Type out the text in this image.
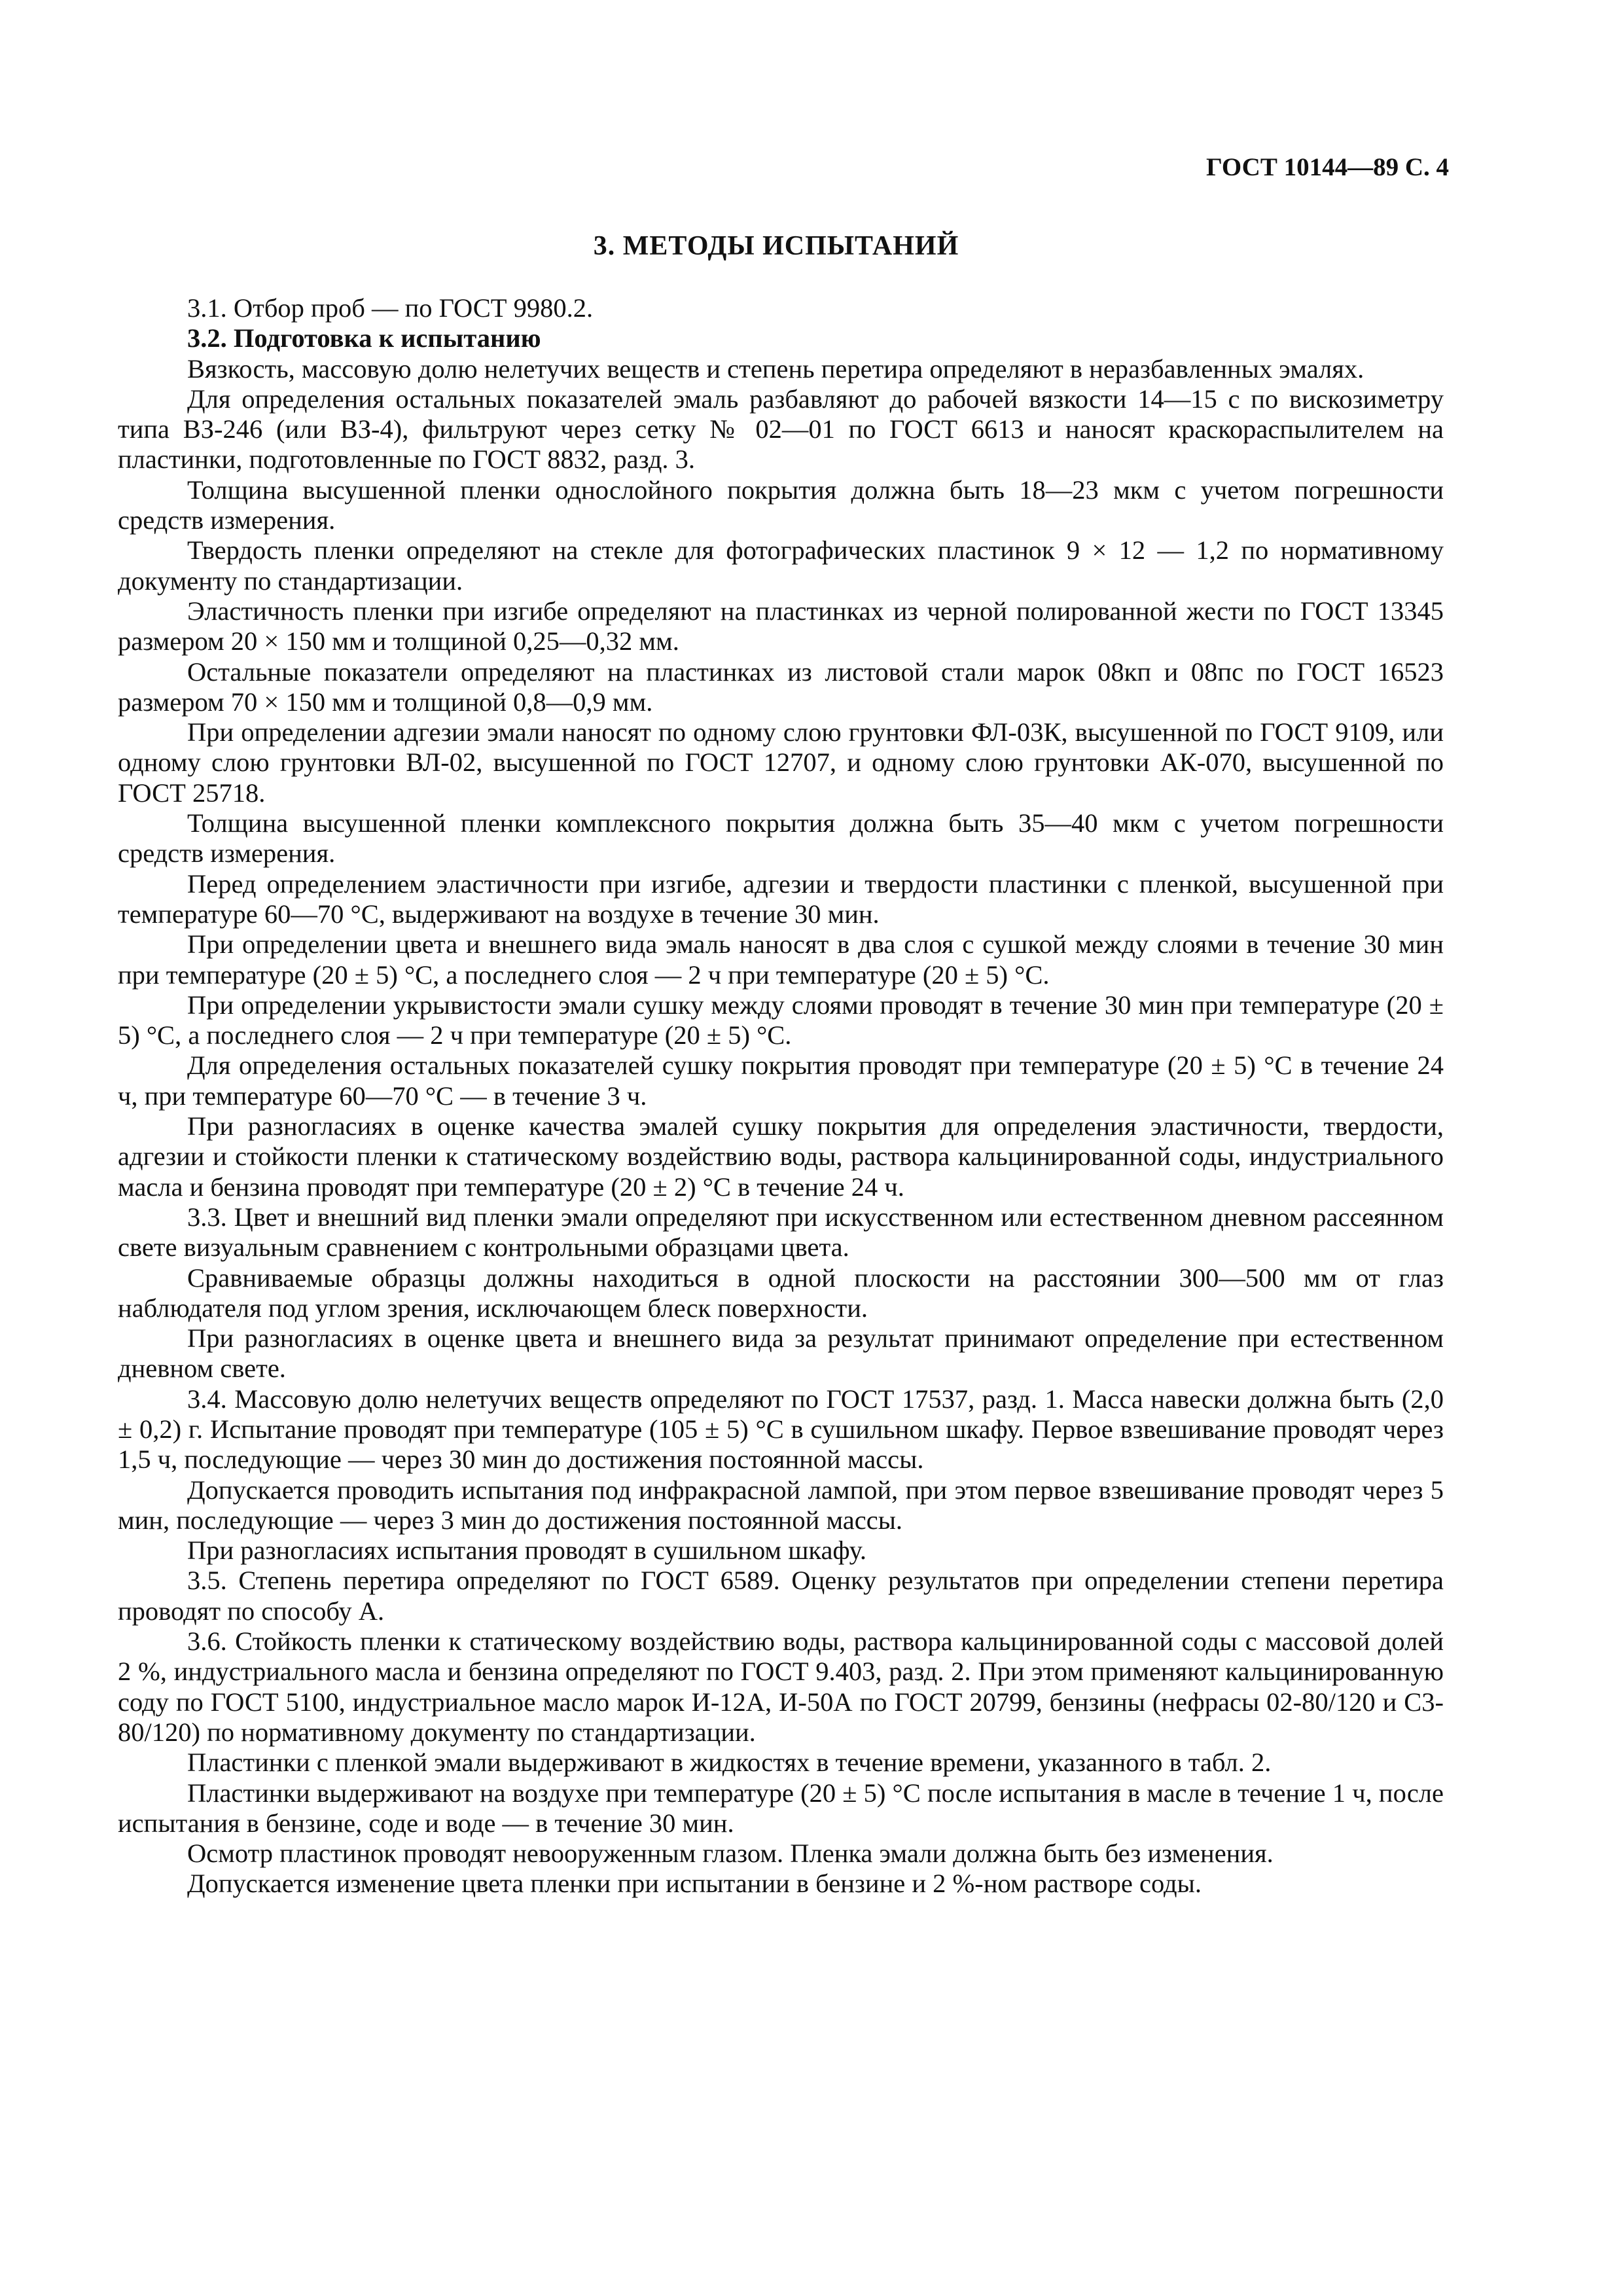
ГОСТ 10144—89 С. 4
3. МЕТОДЫ ИСПЫТАНИЙ

3.1. Отбор проб — по ГОСТ 9980.2.

3.2. Подготовка к испытанию

Вязкость, массовую долю нелетучих веществ и степень перетира определяют в неразбавленных эмалях.

Для определения остальных показателей эмаль разбавляют до рабочей вязкости 14—15 с по вискозиметру типа ВЗ-246 (или ВЗ-4), фильтруют через сетку № 02—01 по ГОСТ 6613 и наносят краскораспылителем на пластинки, подготовленные по ГОСТ 8832, разд. 3.

Толщина высушенной пленки однослойного покрытия должна быть 18—23 мкм с учетом погрешности средств измерения.

Твердость пленки определяют на стекле для фотографических пластинок 9 × 12 — 1,2 по нормативному документу по стандартизации.

Эластичность пленки при изгибе определяют на пластинках из черной полированной жести по ГОСТ 13345 размером 20 × 150 мм и толщиной 0,25—0,32 мм.

Остальные показатели определяют на пластинках из листовой стали марок 08кп и 08пс по ГОСТ 16523 размером 70 × 150 мм и толщиной 0,8—0,9 мм.

При определении адгезии эмали наносят по одному слою грунтовки ФЛ-03К, высушенной по ГОСТ 9109, или одному слою грунтовки ВЛ-02, высушенной по ГОСТ 12707, и одному слою грунтовки АК-070, высушенной по ГОСТ 25718.

Толщина высушенной пленки комплексного покрытия должна быть 35—40 мкм с учетом погрешности средств измерения.

Перед определением эластичности при изгибе, адгезии и твердости пластинки с пленкой, высушенной при температуре 60—70 °С, выдерживают на воздухе в течение 30 мин.

При определении цвета и внешнего вида эмаль наносят в два слоя с сушкой между слоями в течение 30 мин при температуре (20 ± 5) °С, а последнего слоя — 2 ч при температуре (20 ± 5) °С.

При определении укрывистости эмали сушку между слоями проводят в течение 30 мин при температуре (20 ± 5) °С, а последнего слоя — 2 ч при температуре (20 ± 5) °С.

Для определения остальных показателей сушку покрытия проводят при температуре (20 ± 5) °С в течение 24 ч, при температуре 60—70 °С — в течение 3 ч.

При разногласиях в оценке качества эмалей сушку покрытия для определения эластичности, твердости, адгезии и стойкости пленки к статическому воздействию воды, раствора кальцинированной соды, индустриального масла и бензина проводят при температуре (20 ± 2) °С в течение 24 ч.

3.3. Цвет и внешний вид пленки эмали определяют при искусственном или естественном дневном рассеянном свете визуальным сравнением с контрольными образцами цвета.

Сравниваемые образцы должны находиться в одной плоскости на расстоянии 300—500 мм от глаз наблюдателя под углом зрения, исключающем блеск поверхности.

При разногласиях в оценке цвета и внешнего вида за результат принимают определение при естественном дневном свете.

3.4. Массовую долю нелетучих веществ определяют по ГОСТ 17537, разд. 1. Масса навески должна быть (2,0 ± 0,2) г. Испытание проводят при температуре (105 ± 5) °С в сушильном шкафу. Первое взвешивание проводят через 1,5 ч, последующие — через 30 мин до достижения постоянной массы.

Допускается проводить испытания под инфракрасной лампой, при этом первое взвешивание проводят через 5 мин, последующие — через 3 мин до достижения постоянной массы.

При разногласиях испытания проводят в сушильном шкафу.

3.5. Степень перетира определяют по ГОСТ 6589. Оценку результатов при определении степени перетира проводят по способу А.

3.6. Стойкость пленки к статическому воздействию воды, раствора кальцинированной соды с массовой долей 2 %, индустриального масла и бензина определяют по ГОСТ 9.403, разд. 2. При этом применяют кальцинированную соду по ГОСТ 5100, индустриальное масло марок И-12А, И-50А по ГОСТ 20799, бензины (нефрасы 02-80/120 и С3-80/120) по нормативному документу по стандартизации.

Пластинки с пленкой эмали выдерживают в жидкостях в течение времени, указанного в табл. 2.

Пластинки выдерживают на воздухе при температуре (20 ± 5) °С после испытания в масле в течение 1 ч, после испытания в бензине, соде и воде — в течение 30 мин.

Осмотр пластинок проводят невооруженным глазом. Пленка эмали должна быть без изменения.

Допускается изменение цвета пленки при испытании в бензине и 2 %-ном растворе соды.
